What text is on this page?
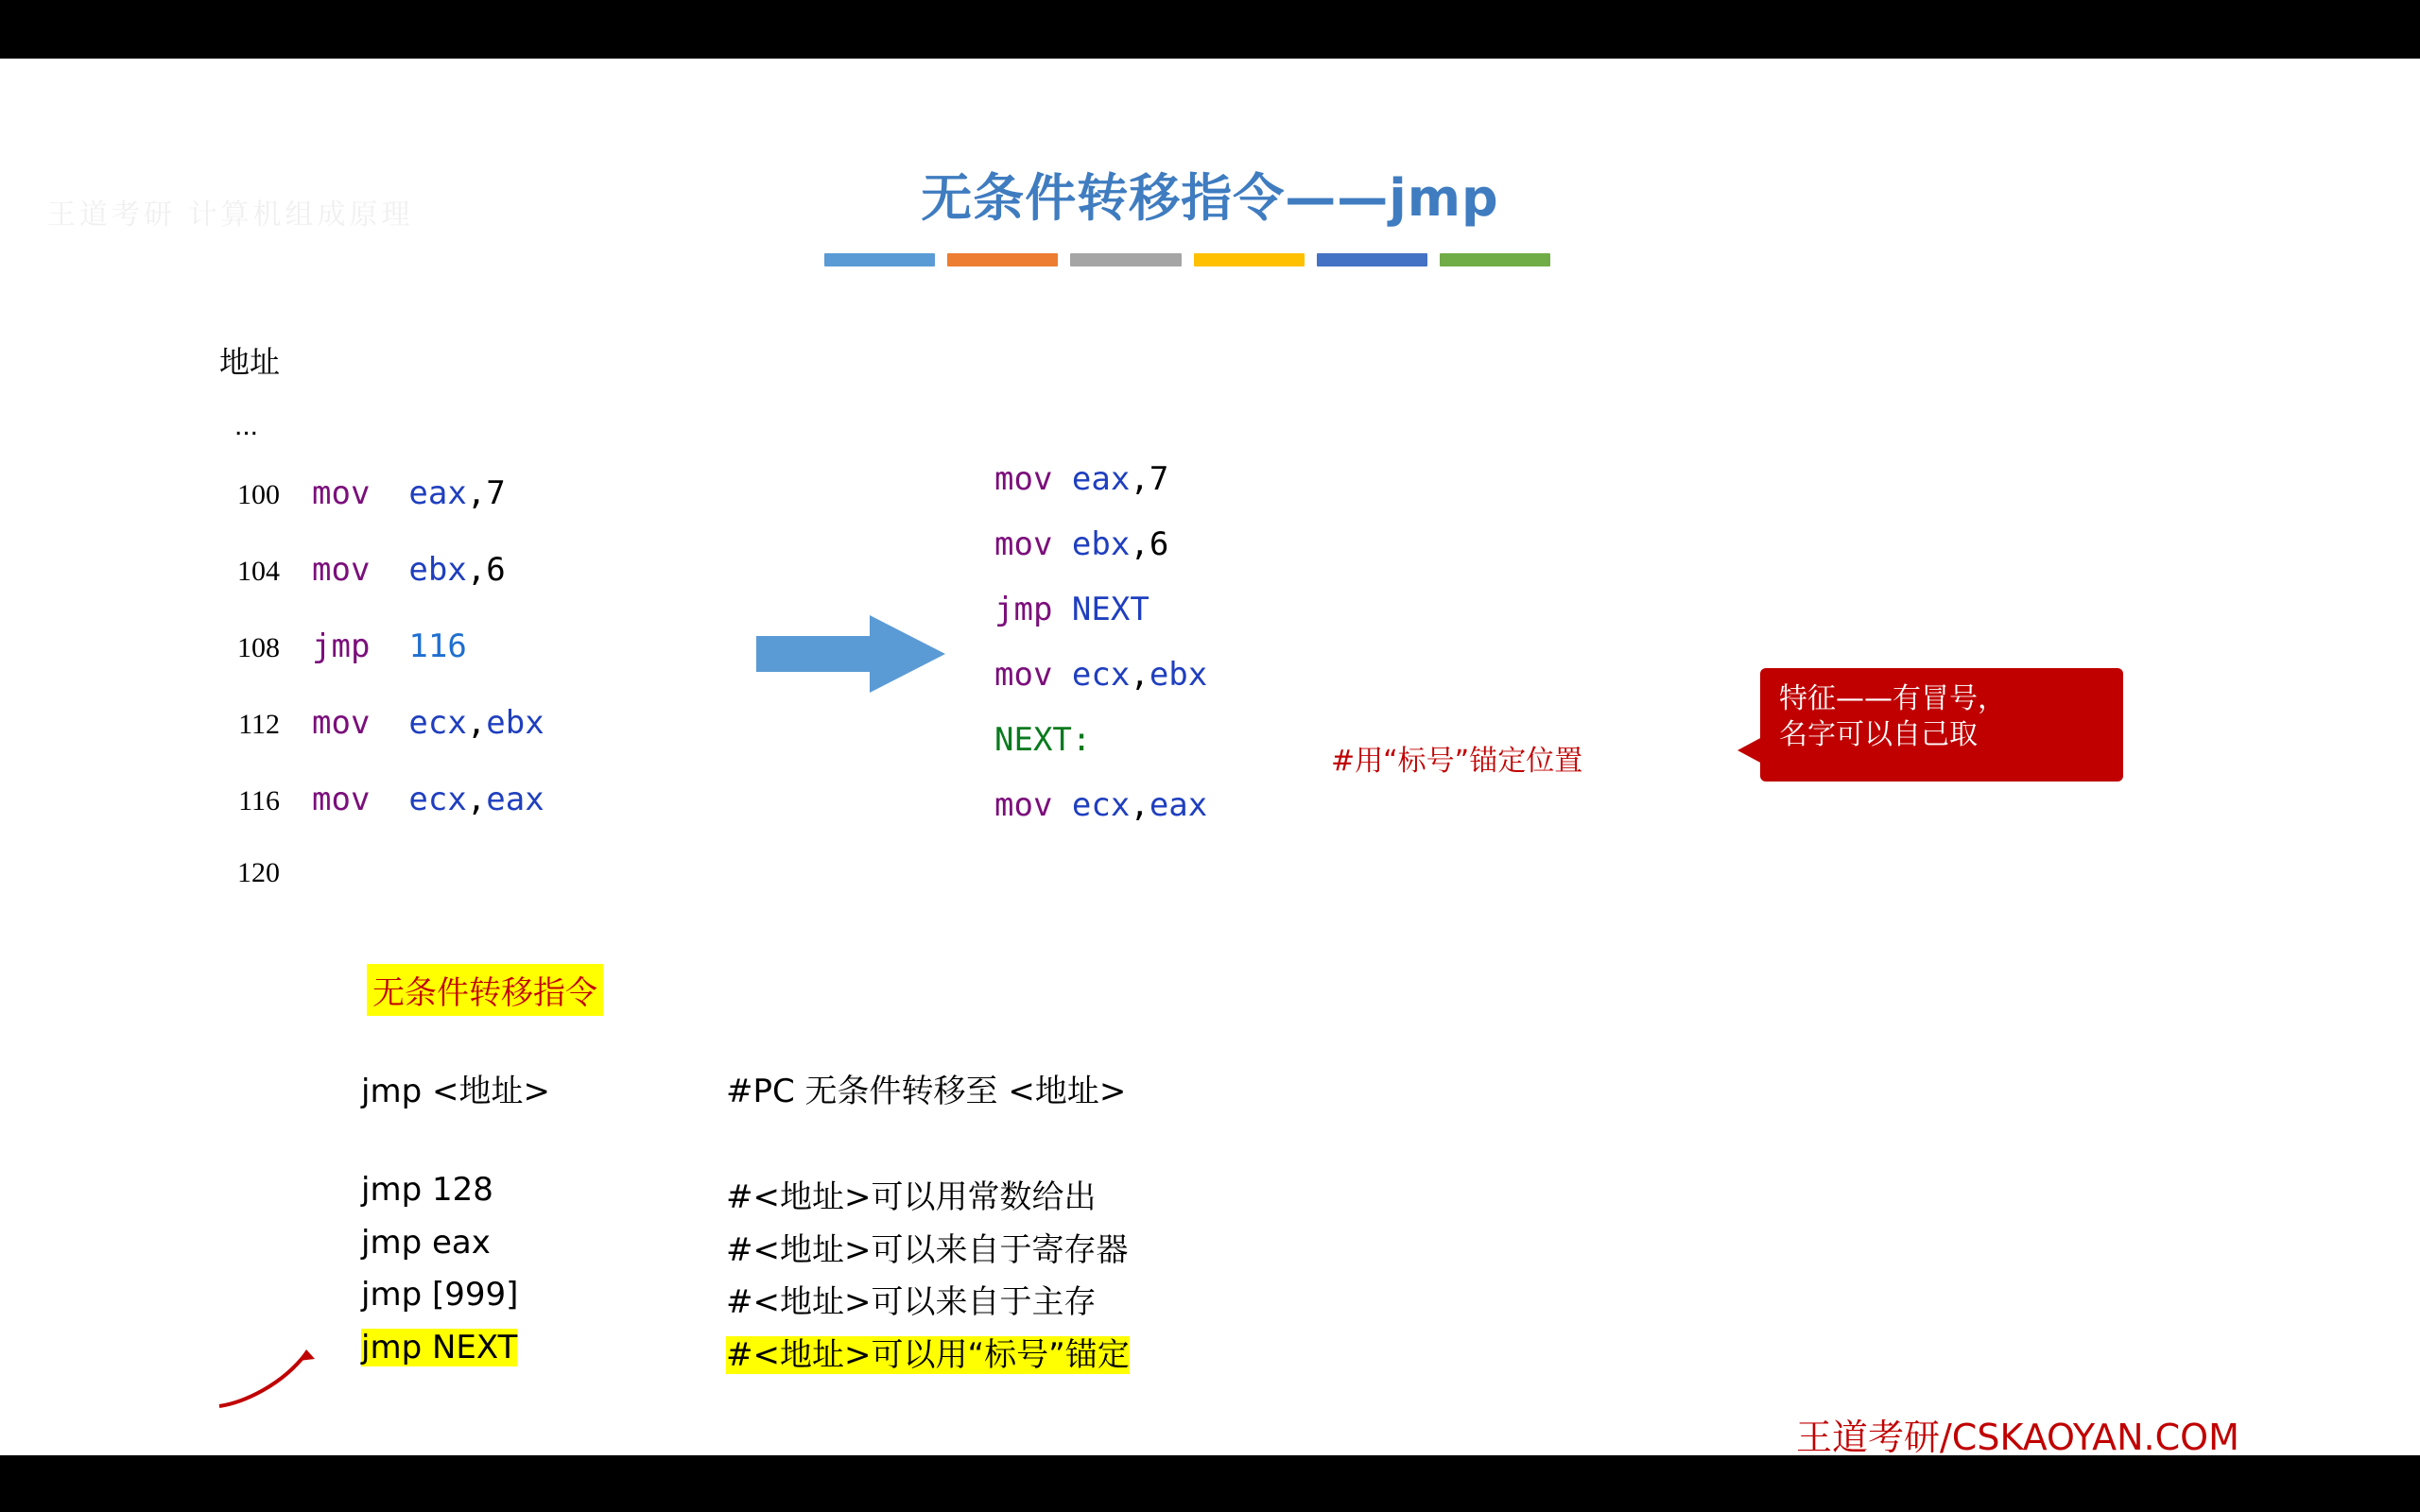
王道考研 计算机组成原理	无条件转移指令——jmp
地址
...
100 mov eax,7
104 mov ebx,6
108 jmp 116
112 mov ecx,ebx
116 mov ecx,eax
120
mov eax,7
mov ebx,6
jmp NEXT
mov ecx,ebx
NEXT:
mov ecx,eax
#用“标号”锚定位置
特征——有冒号，
名字可以自己取
无条件转移指令
jmp <地址>	#PC 无条件转移至 <地址>
jmp 128	#<地址>可以用常数给出
jmp eax	#<地址>可以来自于寄存器
jmp [999]	#<地址>可以来自于主存
jmp NEXT	#<地址>可以用“标号”锚定
王道考研/CSKAOYAN.COM
